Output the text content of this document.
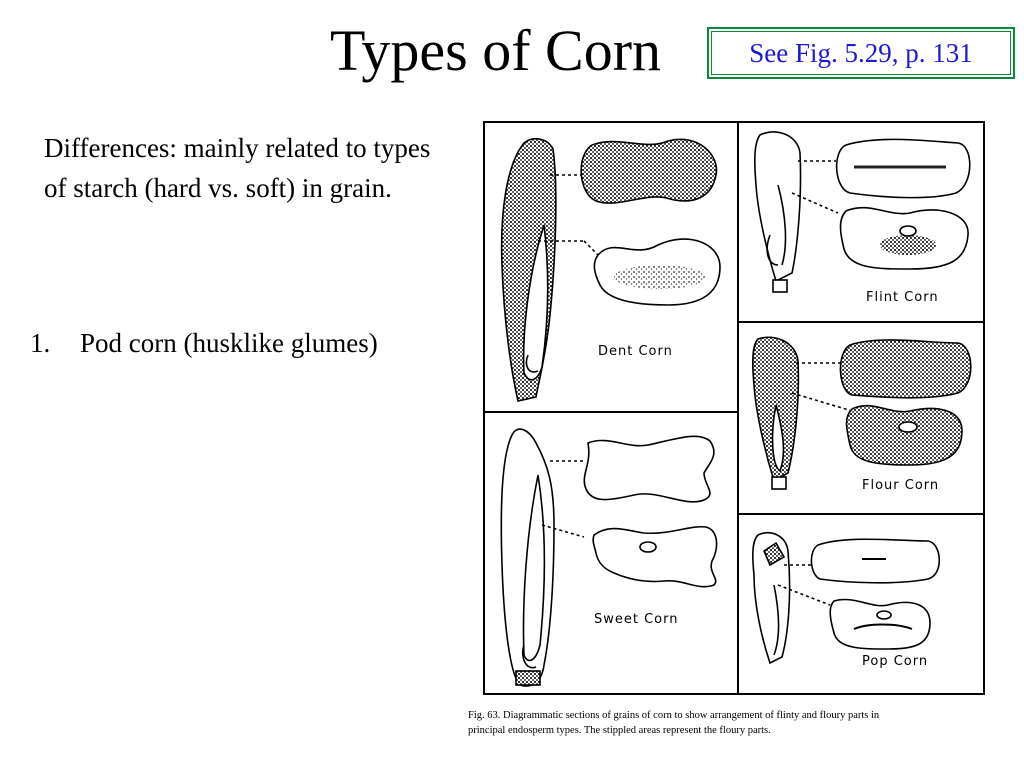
Types of Corn	See Fig. 5.29, p. 131
Differences: mainly related to types of starch (hard vs. soft) in grain.
1. Pod corn (husklike glumes)	Dent Corn
Flint Corn
Flour Corn
Sweet Corn
Pop Corn
Fig. 63. Diagrammatic sections of grains of corn to show arrangement of flinty and floury parts in
principal endosperm types. The stippled areas represent the floury parts.
